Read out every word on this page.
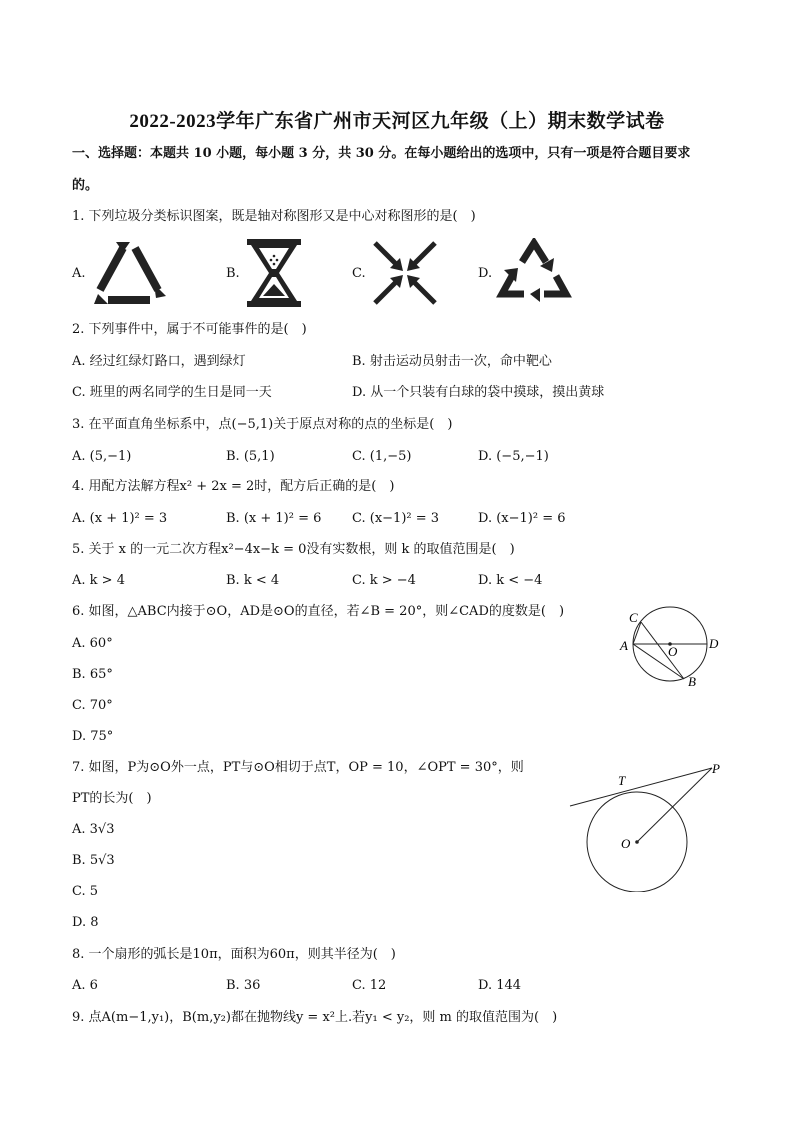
2022-2023学年广东省广州市天河区九年级（上）期末数学试卷
一、选择题：本题共 10 小题，每小题 3 分，共 30 分。在每小题给出的选项中，只有一项是符合题目要求
的。
1. 下列垃圾分类标识图案，既是轴对称图形又是中心对称图形的是(　)
A.	B.	C.	D.
2. 下列事件中，属于不可能事件的是(　)
A. 经过红绿灯路口，遇到绿灯	B. 射击运动员射击一次，命中靶心
C. 班里的两名同学的生日是同一天	D. 从一个只装有白球的袋中摸球，摸出黄球
3. 在平面直角坐标系中，点(−5,1)关于原点对称的点的坐标是(　)
A. (5,−1)	B. (5,1)	C. (1,−5)	D. (−5,−1)
4. 用配方法解方程x² + 2x = 2时，配方后正确的是(　)
A. (x + 1)² = 3	B. (x + 1)² = 6 C. (x−1)² = 3	D. (x−1)² = 6
5. 关于 x 的一元二次方程x²−4x−k = 0没有实数根，则 k 的取值范围是(　)
A. k > 4	B. k < 4	C. k > −4	D. k < −4
6. 如图，△ABC内接于⊙O，AD是⊙O的直径，若∠B = 20°，则∠CAD的度数是(　)
A. 60°
B. 65°
C. 70°
D. 75°
C
A	O
D
B
7. 如图，P为⊙O外一点，PT与⊙O相切于点T，OP = 10，∠OPT = 30°，则
PT的长为(　)
A. 3√3
B. 5√3
C. 5
D. 8
T
P
O
8. 一个扇形的弧长是10π，面积为60π，则其半径为(　)
A. 6	B. 36	C. 12	D. 144
9. 点A(m−1,y₁)，B(m,y₂)都在抛物线y = x²上.若y₁ < y₂，则 m 的取值范围为(　)
